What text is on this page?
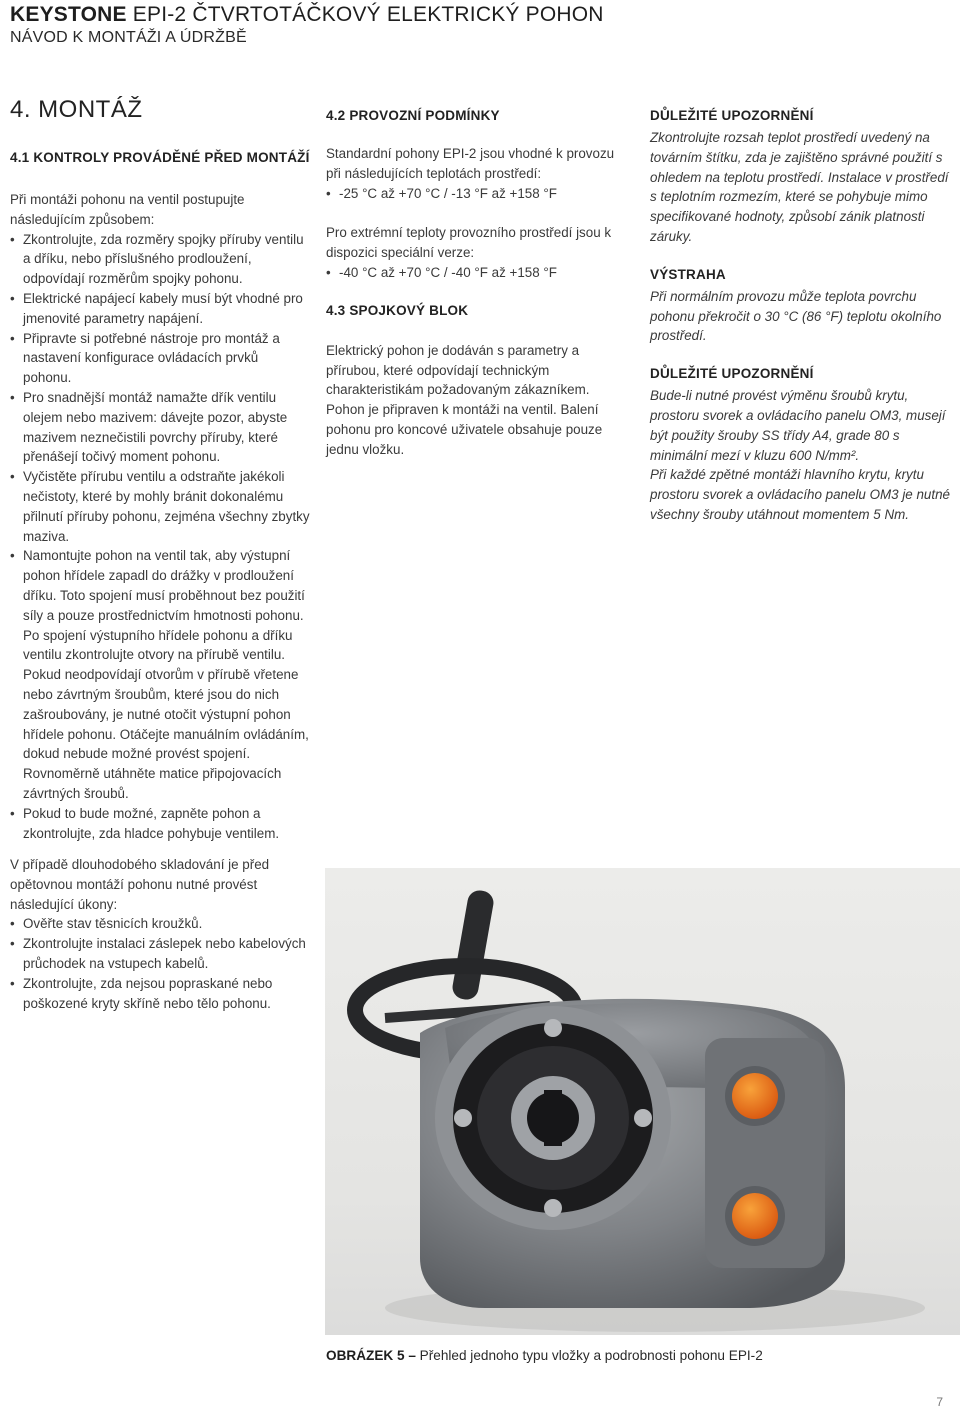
KEYSTONE EPI-2 ČTVRTOTÁČKOVÝ ELEKTRICKÝ POHON
NÁVOD K MONTÁŽI A ÚDRŽBĚ
4. MONTÁŽ
4.1 KONTROLY PROVÁDĚNÉ PŘED MONTÁŽÍ

Při montáži pohonu na ventil postupujte následujícím způsobem:

• Zkontrolujte, zda rozměry spojky příruby ventilu a dříku, nebo příslušného prodloužení, odpovídají rozměrům spojky pohonu.
• Elektrické napájecí kabely musí být vhodné pro jmenovité parametry napájení.
• Připravte si potřebné nástroje pro montáž a nastavení konfigurace ovládacích prvků pohonu.
• Pro snadnější montáž namažte dřík ventilu olejem nebo mazivem: dávejte pozor, abyste mazivem neznečistili povrchy příruby, které přenášejí točivý moment pohonu.
• Vyčistěte přírubu ventilu a odstraňte jakékoli nečistoty, které by mohly bránit dokonalému přilnutí příruby pohonu, zejména všechny zbytky maziva.
• Namontujte pohon na ventil tak, aby výstupní pohon hřídele zapadl do drážky v prodloužení dříku. Toto spojení musí proběhnout bez použití síly a pouze prostřednictvím hmotnosti pohonu. Po spojení výstupního hřídele pohonu a dříku ventilu zkontrolujte otvory na přírubě ventilu. Pokud neodpovídají otvorům v přírubě vřetene nebo závrtným šroubům, které jsou do nich zašroubovány, je nutné otočit výstupní pohon hřídele pohonu. Otáčejte manuálním ovládáním, dokud nebude možné provést spojení. Rovnoměrně utáhněte matice připojovacích závrtných šroubů.
• Pokud to bude možné, zapněte pohon a zkontrolujte, zda hladce pohybuje ventilem.

V případě dlouhodobého skladování je před opětovnou montáží pohonu nutné provést následující úkony:

• Ověřte stav těsnicích kroužků.
• Zkontrolujte instalaci záslepek nebo kabelových průchodek na vstupech kabelů.
• Zkontrolujte, zda nejsou popraskané nebo poškozené kryty skříně nebo tělo pohonu.
4.2 PROVOZNÍ PODMÍNKY

Standardní pohony EPI-2 jsou vhodné k provozu při následujících teplotách prostředí:

• -25 °C až +70 °C / -13 °F až +158 °F

Pro extrémní teploty provozního prostředí jsou k dispozici speciální verze:

• -40 °C až +70 °C / -40 °F až +158 °F
4.3 SPOJKOVÝ BLOK

Elektrický pohon je dodáván s parametry a přírubou, které odpovídají technickým charakteristikám požadovaným zákazníkem. Pohon je připraven k montáži na ventil. Balení pohonu pro koncové uživatele obsahuje pouze jednu vložku.

DŮLEŽITÉ UPOZORNĚNÍ

Zkontrolujte rozsah teplot prostředí uvedený na továrním štítku, zda je zajištěno správné použití s ohledem na teplotu prostředí. Instalace v prostředí s teplotním rozmezím, které se pohybuje mimo specifikované hodnoty, způsobí zánik platnosti záruky.

VÝSTRAHA

Při normálním provozu může teplota povrchu pohonu překročit o 30 °C (86 °F) teplotu okolního prostředí.

DŮLEŽITÉ UPOZORNĚNÍ

Bude-li nutné provést výměnu šroubů krytu, prostoru svorek a ovládacího panelu OM3, musejí být použity šrouby SS třídy A4, grade 80 s minimální mezí v kluzu 600 N/mm².

Při každé zpětné montáži hlavního krytu, krytu prostoru svorek a ovládacího panelu OM3 je nutné všechny šrouby utáhnout momentem 5 Nm.

OBRÁZEK 5 – Přehled jednoho typu vložky a podrobnosti pohonu EPI-2
7
